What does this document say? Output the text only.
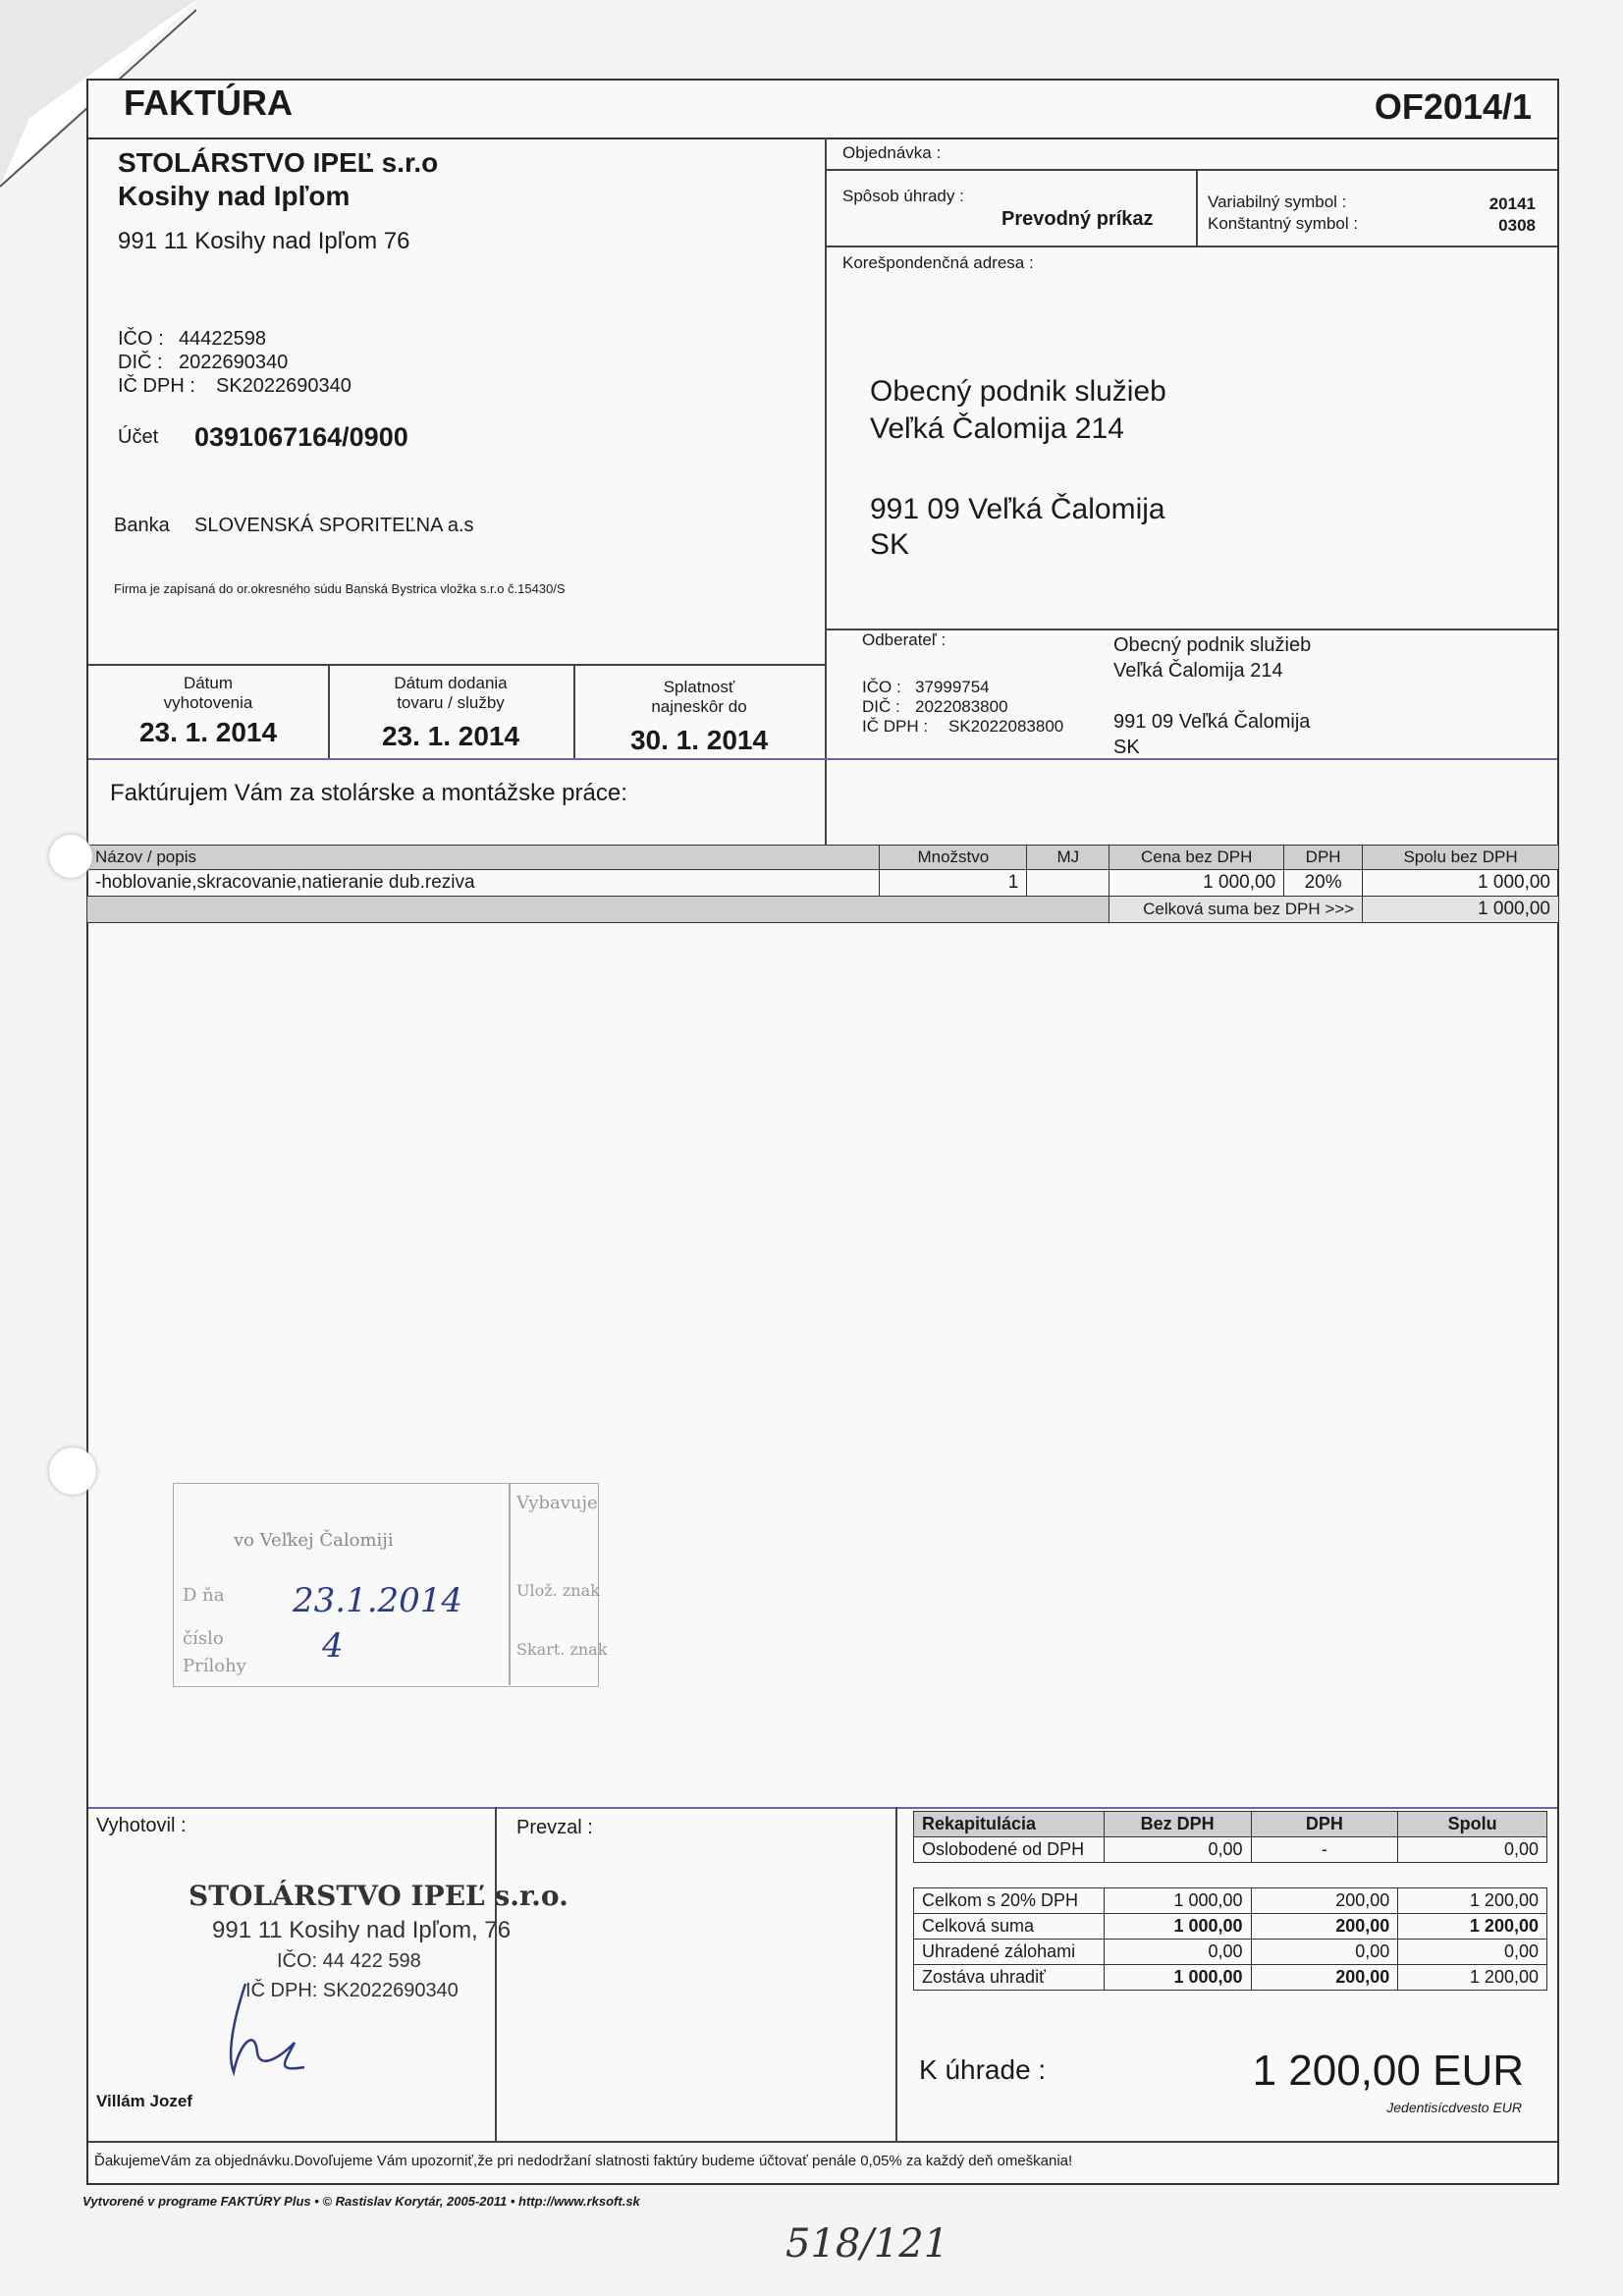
FAKTÚRA	OF2014/1
STOLÁRSTVO IPEĽ s.r.o
Kosihy nad Ipľom
991 11 Kosihy nad Ipľom 76
IČO : 44422598
DIČ : 2022690340
IČ DPH : SK2022690340
Účet 0391067164/0900
Banka SLOVENSKÁ SPORITEĽNA a.s
Firma je zapísaná do or.okresného súdu Banská Bystrica vložka s.r.o č.15430/S
Objednávka :
Spôsob úhrady :
Prevodný príkaz
Variabilný symbol :	20141
Konštantný symbol :	0308
Korešpondenčná adresa :
Obecný podnik služieb
Veľká Čalomija 214
991 09 Veľká Čalomija
SK
Dátum
vyhotovenia
23. 1. 2014
Dátum dodania
tovaru / služby
23. 1. 2014
Splatnosť
najneskôr do
30. 1. 2014
Odberateľ :
IČO : 37999754
DIČ : 2022083800
IČ DPH : SK2022083800
Obecný podnik služieb
Veľká Čalomija 214
991 09 Veľká Čalomija
SK
Faktúrujem Vám za stolárske a montážske práce:
Názov / popis	Množstvo	MJ	Cena bez DPH	DPH	Spolu bez DPH
-hoblovanie,skracovanie,natieranie dub.reziva	1		1 000,00	20%	1 000,00
			Celková suma bez DPH >>>		1 000,00
vo Veľkej Čalomiji
D ňa
číslo
Prílohy
Vybavuje
Ulož. znak
Skart. znak
23.1.2014
4
Vyhotovil :	Prevzal :
STOLÁRSTVO IPEĽ s.r.o.
991 11 Kosihy nad Ipľom, 76
IČO: 44 422 598
IČ DPH: SK2022690340
Villám Jozef
Rekapitulácia	Bez DPH	DPH	Spolu
Oslobodené od DPH	0,00	-	0,00

Celkom s 20% DPH	1 000,00	200,00	1 200,00
Celková suma	1 000,00	200,00	1 200,00
Uhradené zálohami	0,00	0,00	0,00
Zostáva uhradiť	1 000,00	200,00	1 200,00
K úhrade :	1 200,00 EUR
Jedentisícdvesto EUR
ĎakujemeVám za objednávku.Dovoľujeme Vám upozorniť,že pri nedodržaní slatnosti faktúry budeme účtovať penále 0,05% za každý deň omeškania!
Vytvorené v programe FAKTÚRY Plus • © Rastislav Korytár, 2005-2011 • http://www.rksoft.sk
518/121
